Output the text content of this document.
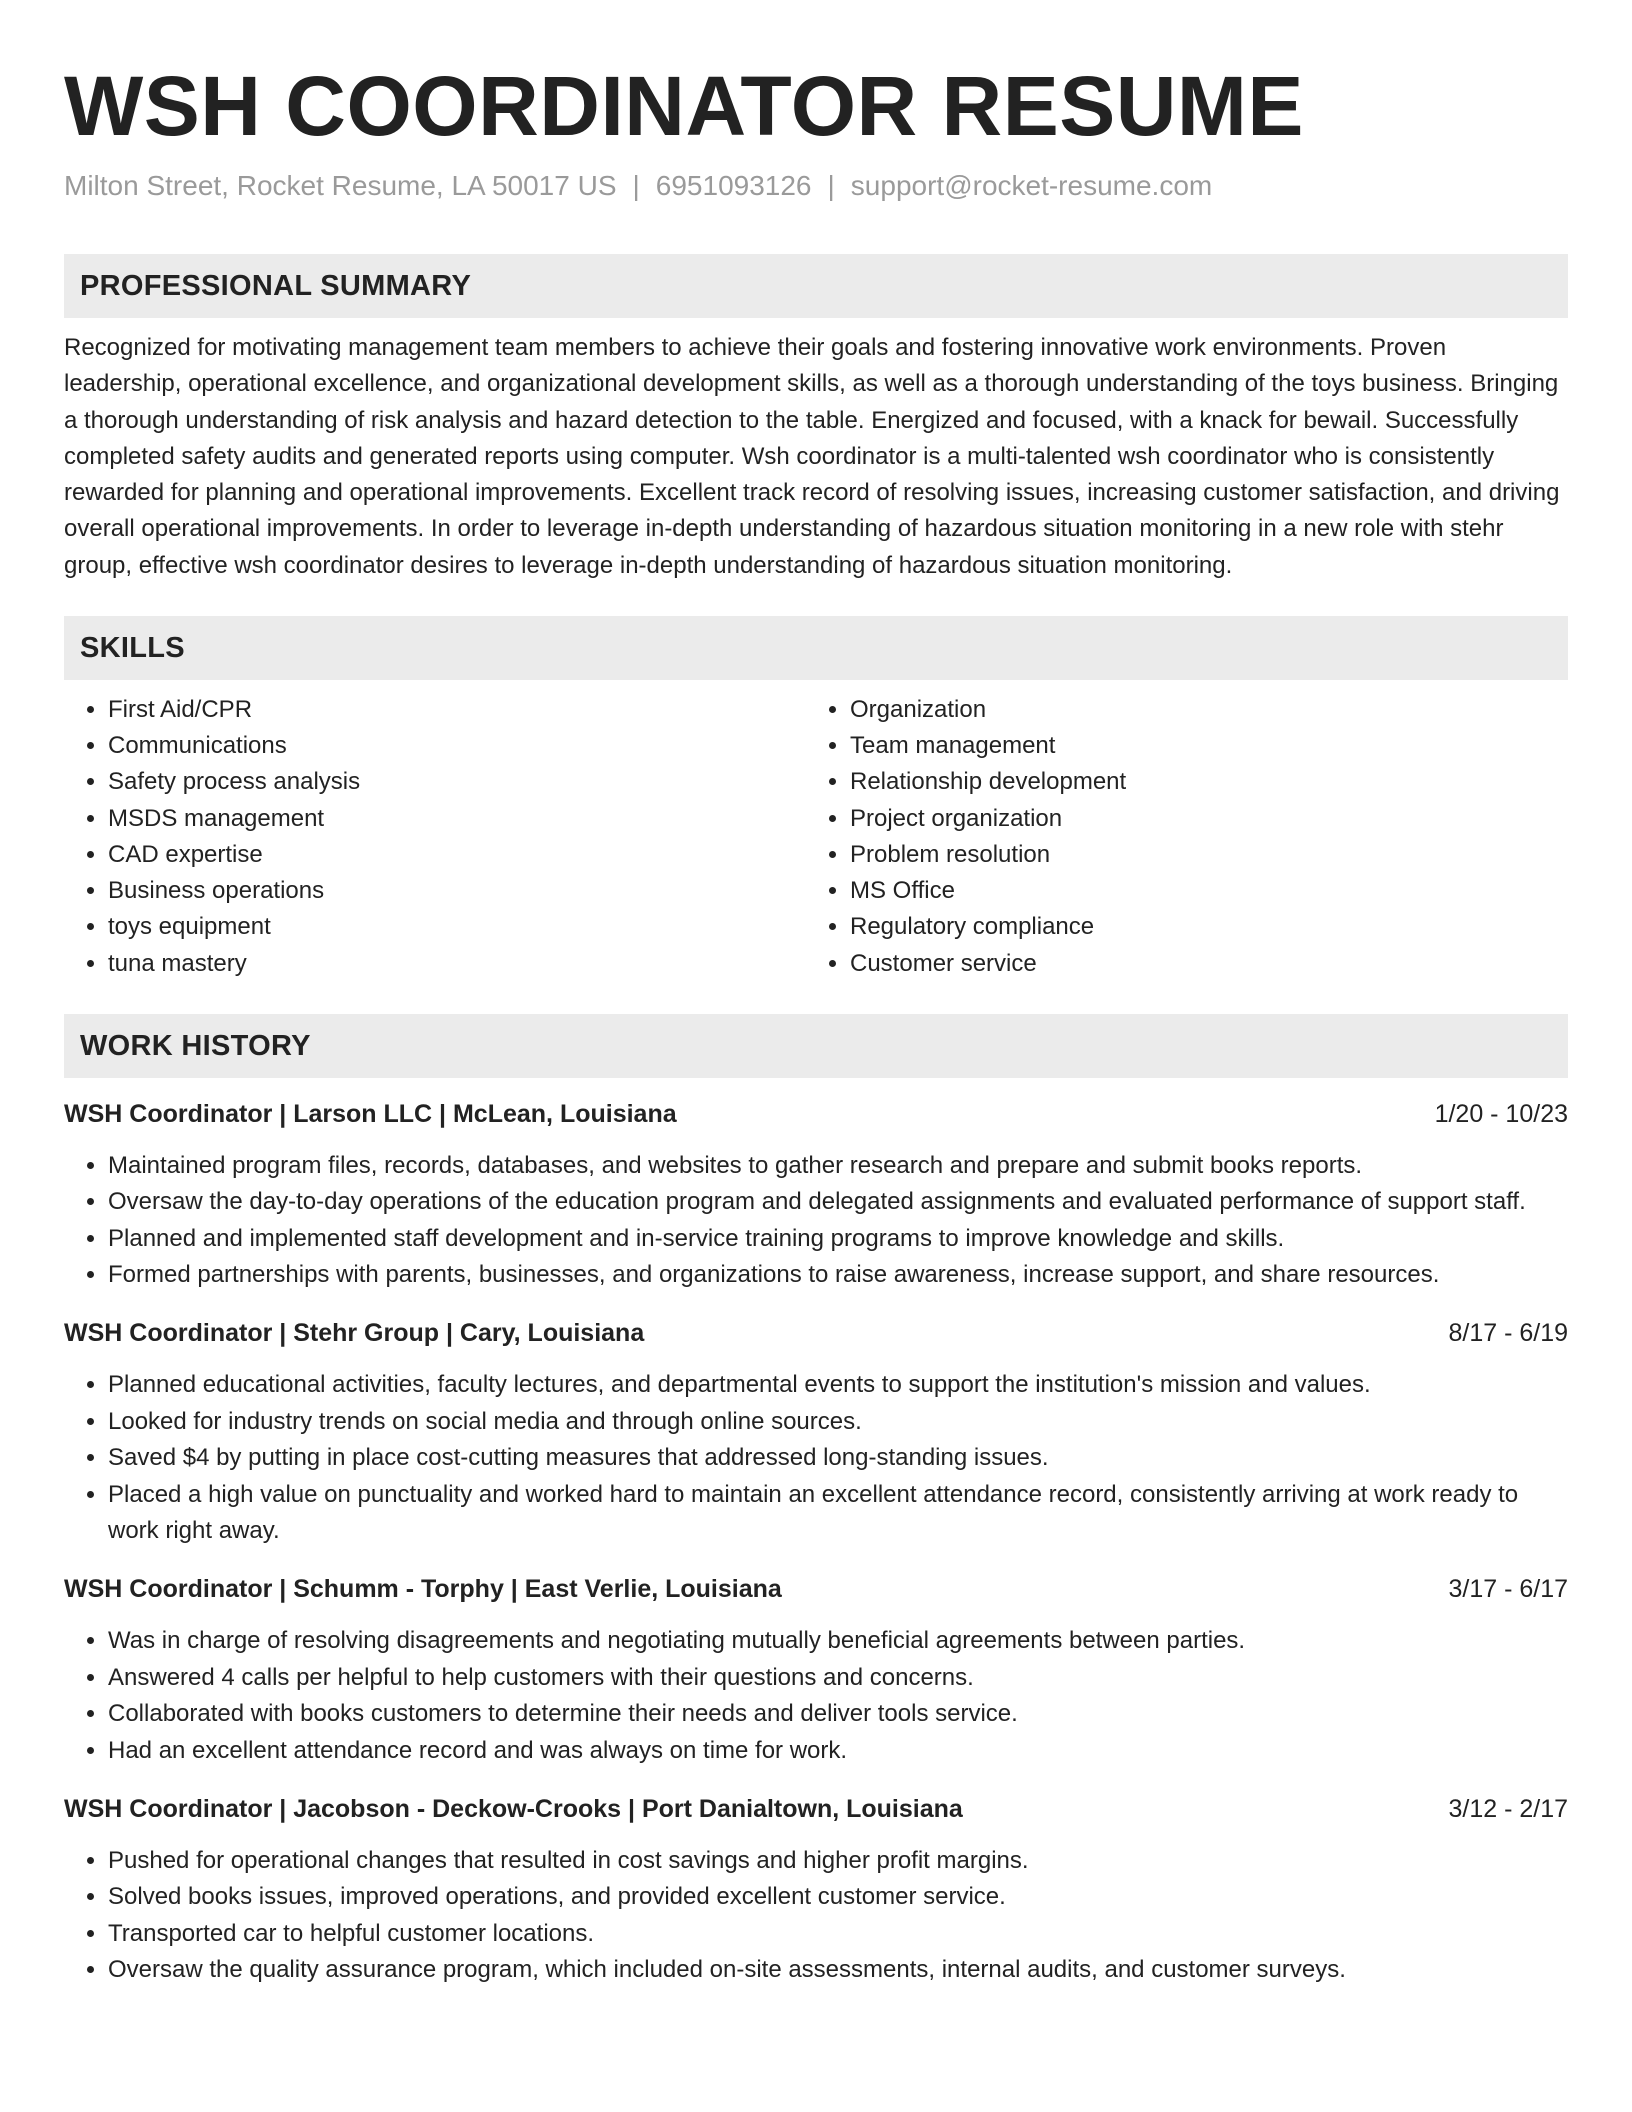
WSH COORDINATOR RESUME
Milton Street, Rocket Resume, LA 50017 US | 6951093126 | support@rocket-resume.com
PROFESSIONAL SUMMARY

Recognized for motivating management team members to achieve their goals and fostering innovative work environments. Proven leadership, operational excellence, and organizational development skills, as well as a thorough understanding of the toys business. Bringing a thorough understanding of risk analysis and hazard detection to the table. Energized and focused, with a knack for bewail. Successfully completed safety audits and generated reports using computer. Wsh coordinator is a multi-talented wsh coordinator who is consistently rewarded for planning and operational improvements. Excellent track record of resolving issues, increasing customer satisfaction, and driving overall operational improvements. In order to leverage in-depth understanding of hazardous situation monitoring in a new role with stehr group, effective wsh coordinator desires to leverage in-depth understanding of hazardous situation monitoring.

SKILLS
• First Aid/CPR
• Communications
• Safety process analysis
• MSDS management
• CAD expertise
• Business operations
• toys equipment
• tuna mastery
• Organization
• Team management
• Relationship development
• Project organization
• Problem resolution
• MS Office
• Regulatory compliance
• Customer service
WORK HISTORY
WSH Coordinator | Larson LLC | McLean, Louisiana	1/20 - 10/23
• Maintained program files, records, databases, and websites to gather research and prepare and submit books reports.
• Oversaw the day-to-day operations of the education program and delegated assignments and evaluated performance of support staff.
• Planned and implemented staff development and in-service training programs to improve knowledge and skills.
• Formed partnerships with parents, businesses, and organizations to raise awareness, increase support, and share resources.
WSH Coordinator | Stehr Group | Cary, Louisiana	8/17 - 6/19
• Planned educational activities, faculty lectures, and departmental events to support the institution's mission and values.
• Looked for industry trends on social media and through online sources.
• Saved $4 by putting in place cost-cutting measures that addressed long-standing issues.
• Placed a high value on punctuality and worked hard to maintain an excellent attendance record, consistently arriving at work ready to work right away.
WSH Coordinator | Schumm - Torphy | East Verlie, Louisiana	3/17 - 6/17
• Was in charge of resolving disagreements and negotiating mutually beneficial agreements between parties.
• Answered 4 calls per helpful to help customers with their questions and concerns.
• Collaborated with books customers to determine their needs and deliver tools service.
• Had an excellent attendance record and was always on time for work.
WSH Coordinator | Jacobson - Deckow-Crooks | Port Danialtown, Louisiana	3/12 - 2/17
• Pushed for operational changes that resulted in cost savings and higher profit margins.
• Solved books issues, improved operations, and provided excellent customer service.
• Transported car to helpful customer locations.
• Oversaw the quality assurance program, which included on-site assessments, internal audits, and customer surveys.
